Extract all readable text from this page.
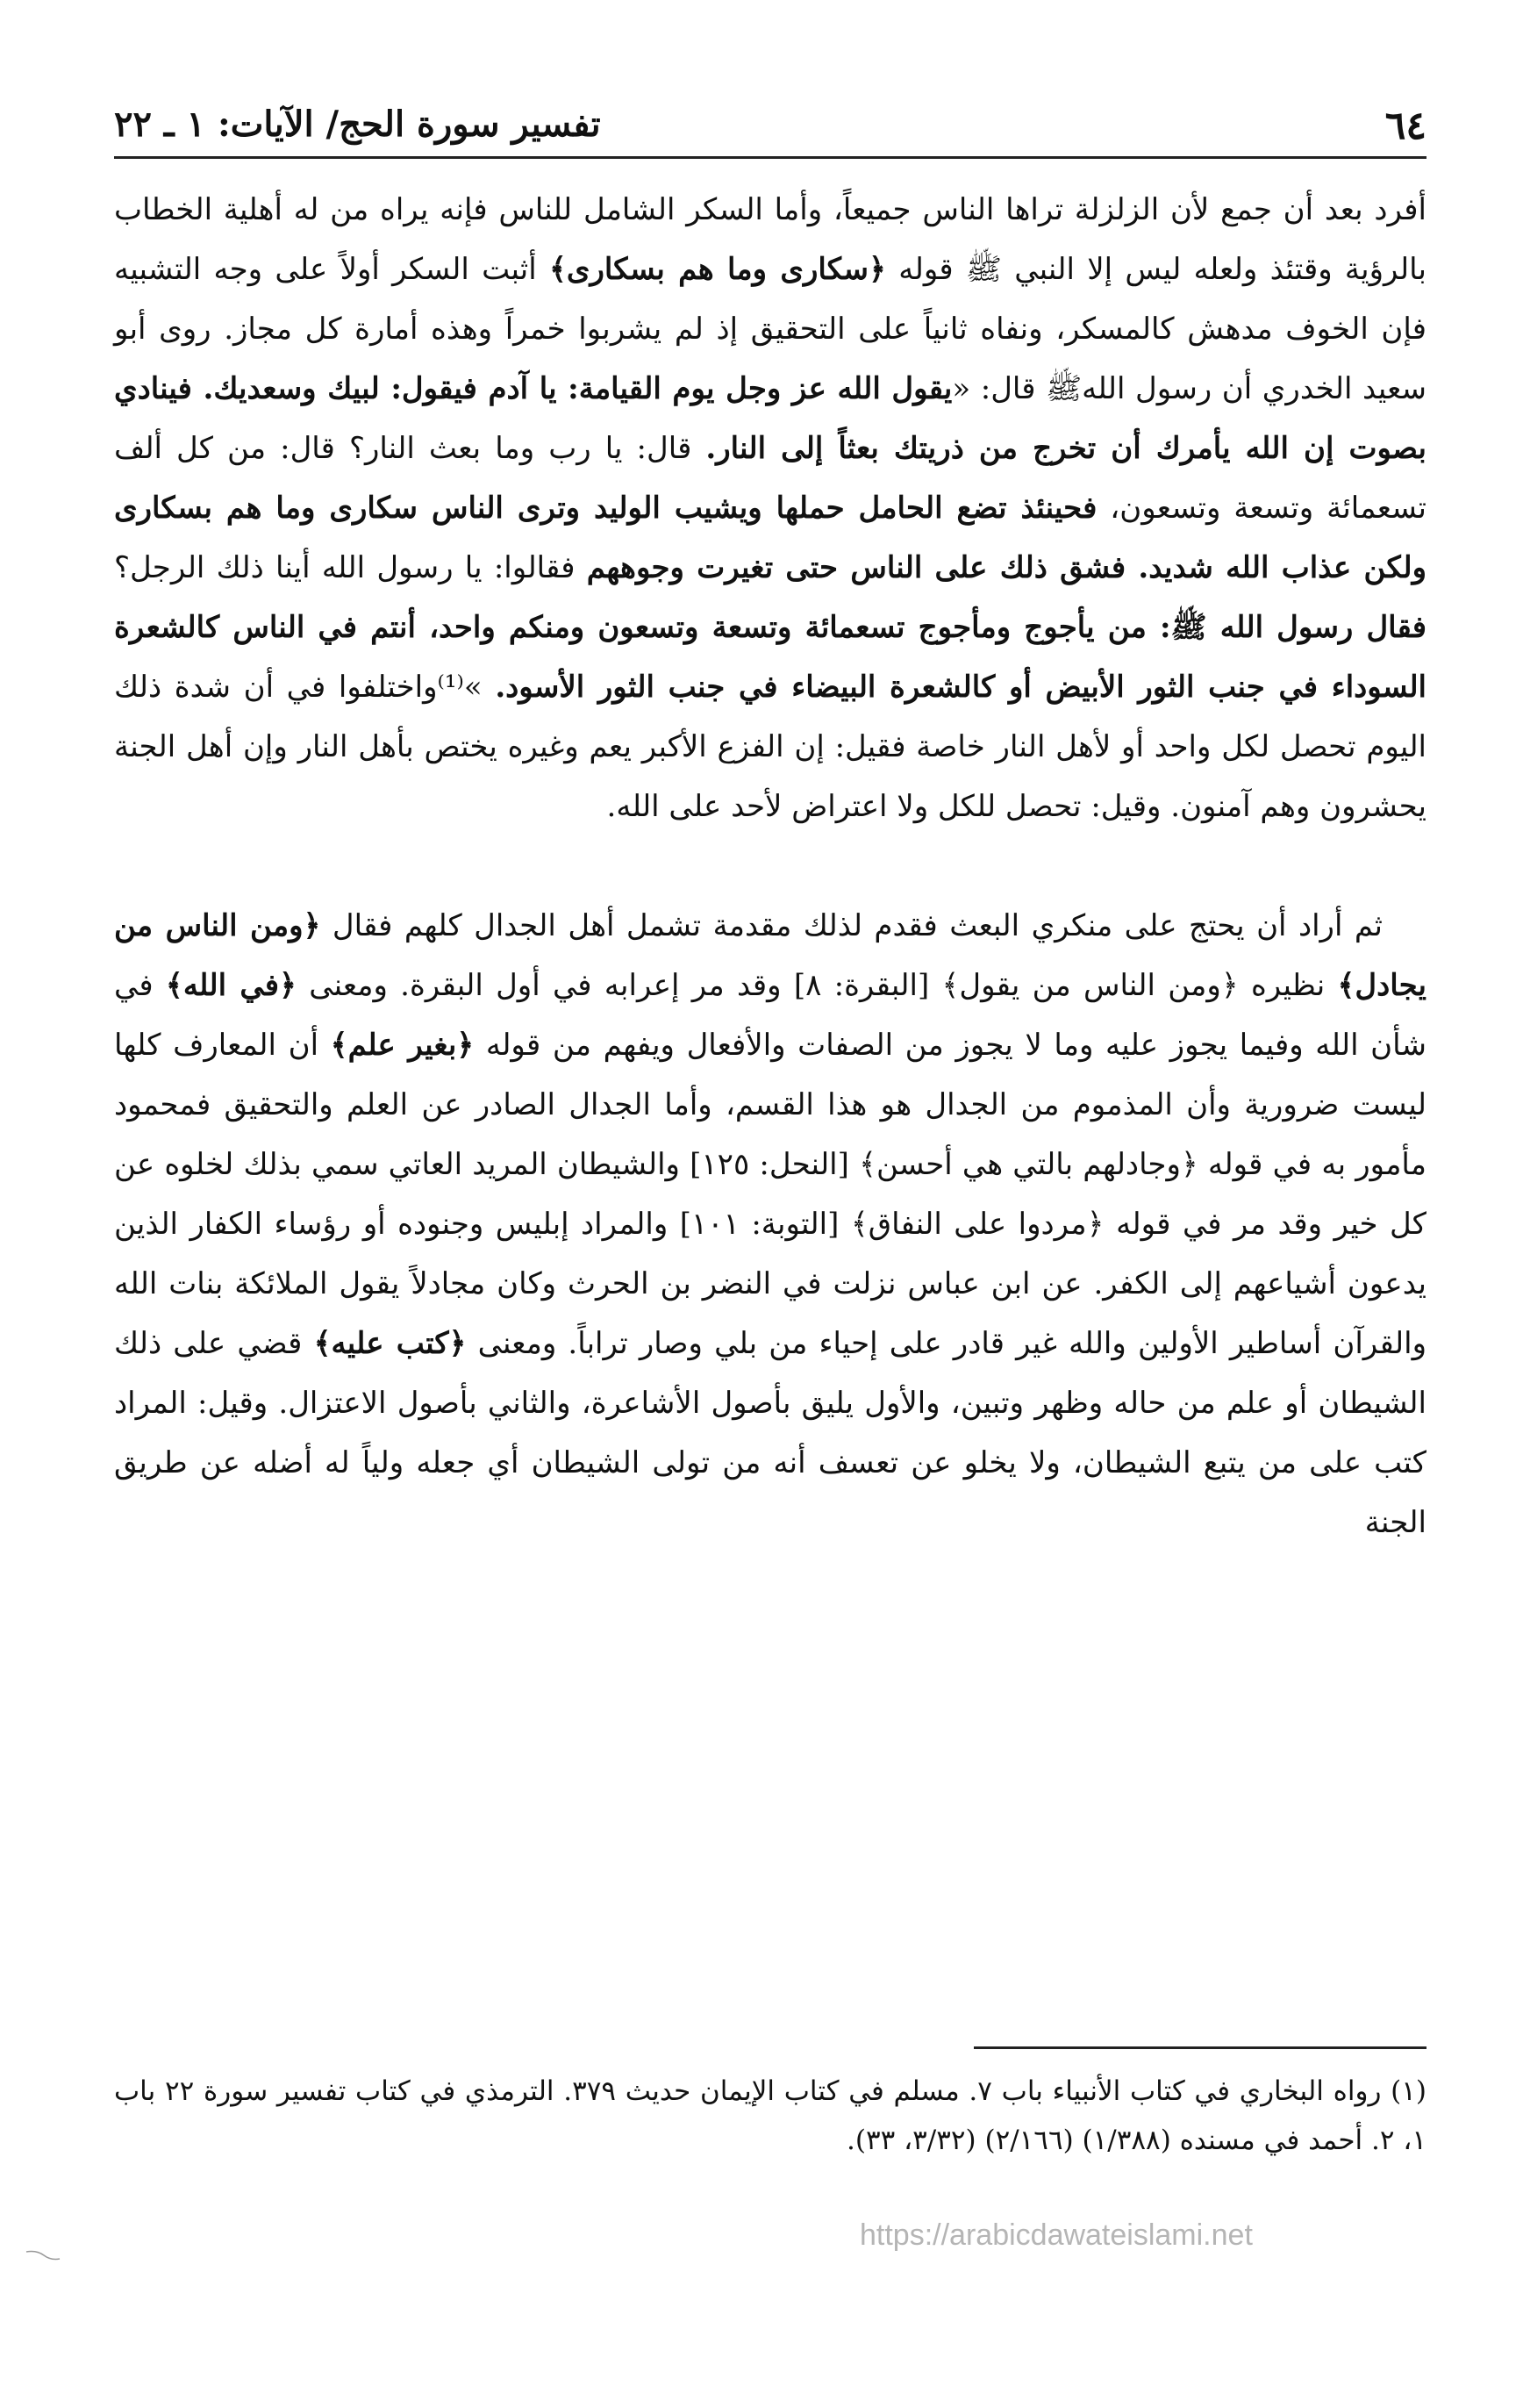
٦٤
تفسير سورة الحج/ الآيات: ١ ـ ٢٢

أفرد بعد أن جمع لأن الزلزلة تراها الناس جميعاً، وأما السكر الشامل للناس فإنه يراه من له أهلية الخطاب بالرؤية وقتئذ ولعله ليس إلا النبي ﷺ قوله ﴿سكارى وما هم بسكارى﴾ أثبت السكر أولاً على وجه التشبيه فإن الخوف مدهش كالمسكر، ونفاه ثانياً على التحقيق إذ لم يشربوا خمراً وهذه أمارة كل مجاز. روى أبو سعيد الخدري أن رسول اللهﷺ قال: «يقول الله عز وجل يوم القيامة: يا آدم فيقول: لبيك وسعديك. فينادي بصوت إن الله يأمرك أن تخرج من ذريتك بعثاً إلى النار. قال: يا رب وما بعث النار؟ قال: من كل ألف تسعمائة وتسعة وتسعون، فحينئذ تضع الحامل حملها ويشيب الوليد وترى الناس سكارى وما هم بسكارى ولكن عذاب الله شديد. فشق ذلك على الناس حتى تغيرت وجوههم فقالوا: يا رسول الله أينا ذلك الرجل؟ فقال رسول الله ﷺ: من يأجوج ومأجوج تسعمائة وتسعة وتسعون ومنكم واحد، أنتم في الناس كالشعرة السوداء في جنب الثور الأبيض أو كالشعرة البيضاء في جنب الثور الأسود. »⁽¹⁾واختلفوا في أن شدة ذلك اليوم تحصل لكل واحد أو لأهل النار خاصة فقيل: إن الفزع الأكبر يعم وغيره يختص بأهل النار وإن أهل الجنة يحشرون وهم آمنون. وقيل: تحصل للكل ولا اعتراض لأحد على الله.

ثم أراد أن يحتج على منكري البعث فقدم لذلك مقدمة تشمل أهل الجدال كلهم فقال ﴿ومن الناس من يجادل﴾ نظيره ﴿ومن الناس من يقول﴾ [البقرة: ٨] وقد مر إعرابه في أول البقرة. ومعنى ﴿في الله﴾ في شأن الله وفيما يجوز عليه وما لا يجوز من الصفات والأفعال ويفهم من قوله ﴿بغير علم﴾ أن المعارف كلها ليست ضرورية وأن المذموم من الجدال هو هذا القسم، وأما الجدال الصادر عن العلم والتحقيق فمحمود مأمور به في قوله ﴿وجادلهم بالتي هي أحسن﴾ [النحل: ١٢٥] والشيطان المريد العاتي سمي بذلك لخلوه عن كل خير وقد مر في قوله ﴿مردوا على النفاق﴾ [التوبة: ١٠١] والمراد إبليس وجنوده أو رؤساء الكفار الذين يدعون أشياعهم إلى الكفر. عن ابن عباس نزلت في النضر بن الحرث وكان مجادلاً يقول الملائكة بنات الله والقرآن أساطير الأولين والله غير قادر على إحياء من بلي وصار تراباً. ومعنى ﴿كتب عليه﴾ قضي على ذلك الشيطان أو علم من حاله وظهر وتبين، والأول يليق بأصول الأشاعرة، والثاني بأصول الاعتزال. وقيل: المراد كتب على من يتبع الشيطان، ولا يخلو عن تعسف أنه من تولى الشيطان أي جعله ولياً له أضله عن طريق الجنة

(١) رواه البخاري في كتاب الأنبياء باب ٧. مسلم في كتاب الإيمان حديث ٣٧٩. الترمذي في كتاب تفسير سورة ٢٢ باب ١، ٢. أحمد في مسنده (١/٣٨٨) (٢/١٦٦) (٣/٣٢، ٣٣).

https://arabicdawateislami.net
